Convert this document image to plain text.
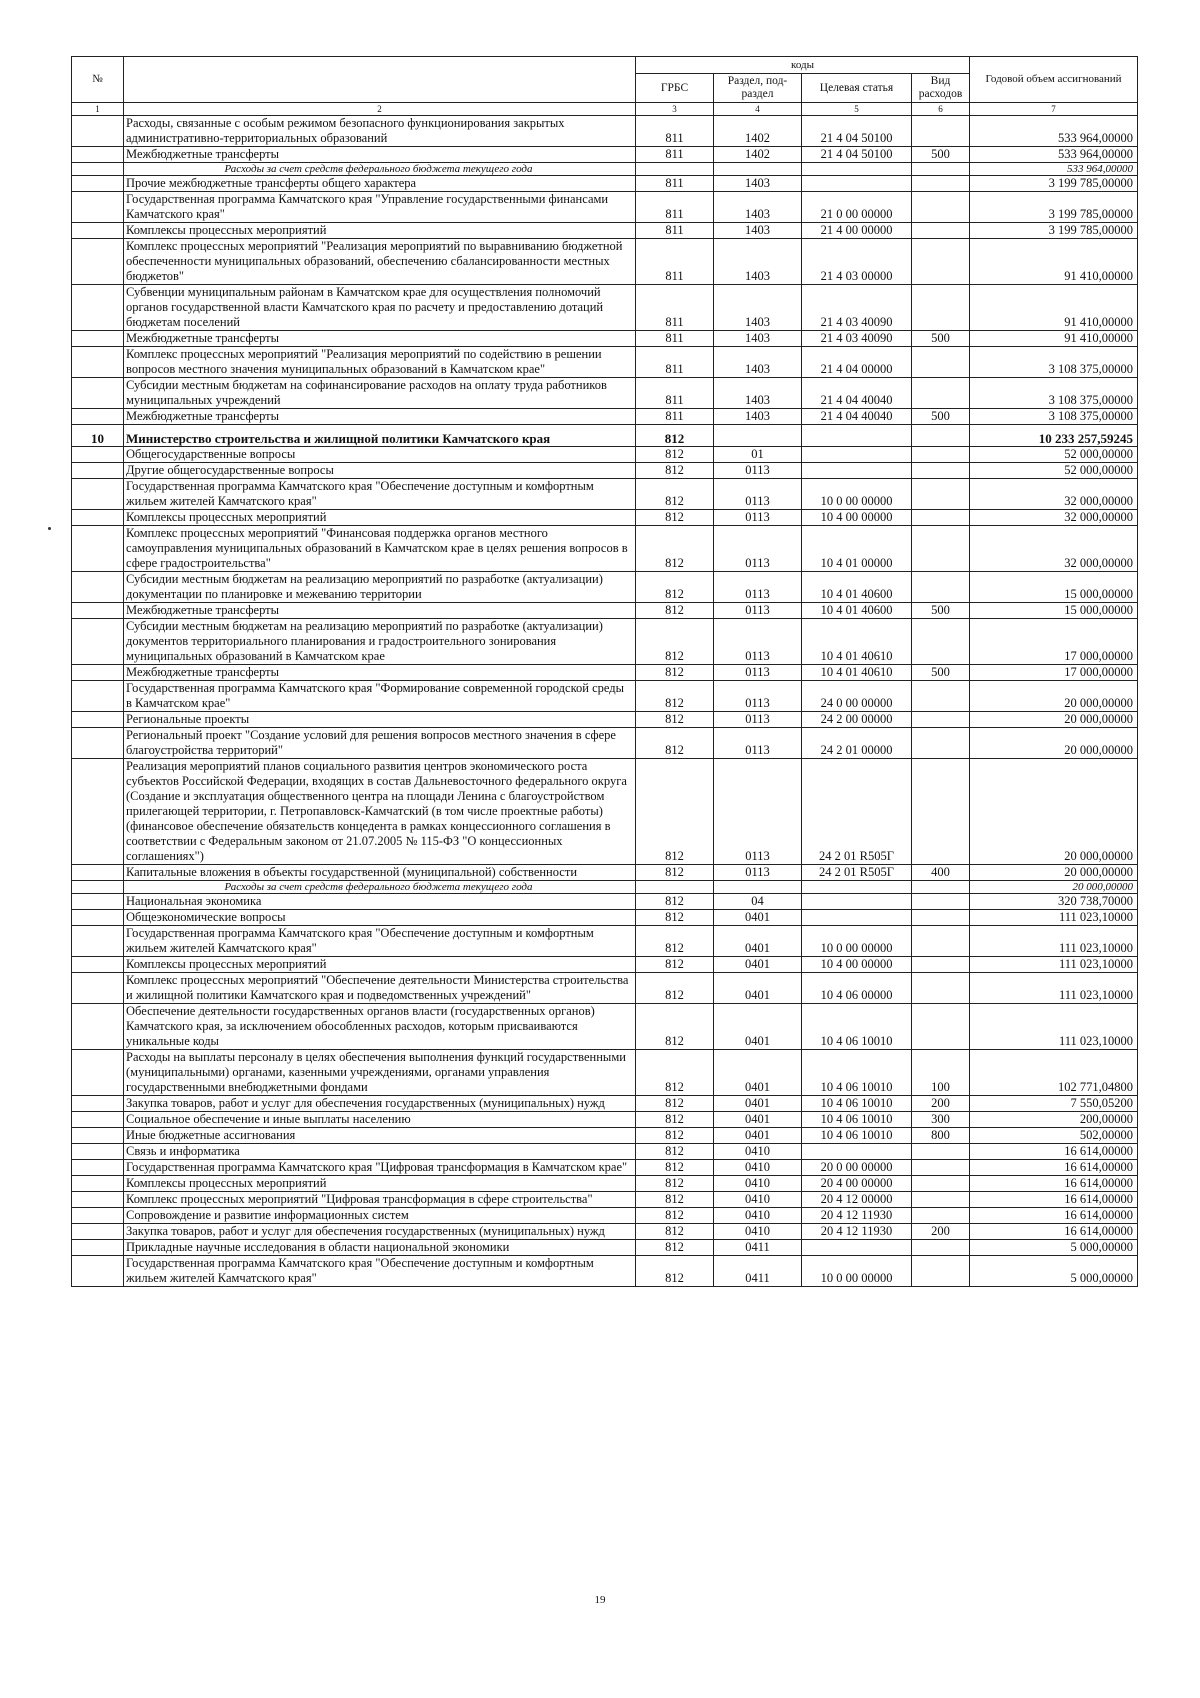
№		коды				Годовой объем ассигнований
		ГРБС	Раздел, под-раздел	Целевая статья	Вид расходов	
1	2	3	4	5	6	7
	Расходы, связанные с особым режимом безопасного функционирования закрытых административно-территориальных образований	811	1402	21 4 04 50100		533 964,00000
	Межбюджетные трансферты	811	1402	21 4 04 50100	500	533 964,00000
	Расходы за счет средств федерального бюджета текущего года					533 964,00000
	Прочие межбюджетные трансферты общего характера	811	1403			3 199 785,00000
	Государственная программа Камчатского края "Управление государственными финансами Камчатского края"	811	1403	21 0 00 00000		3 199 785,00000
	Комплексы процессных мероприятий	811	1403	21 4 00 00000		3 199 785,00000
	Комплекс процессных мероприятий "Реализация мероприятий по выравниванию бюджетной обеспеченности муниципальных образований, обеспечению сбалансированности местных бюджетов"	811	1403	21 4 03 00000		91 410,00000
	Субвенции муниципальным районам в Камчатском крае для осуществления полномочий органов государственной власти Камчатского края по расчету и предоставлению дотаций бюджетам поселений	811	1403	21 4 03 40090		91 410,00000
	Межбюджетные трансферты	811	1403	21 4 03 40090	500	91 410,00000
	Комплекс процессных мероприятий "Реализация мероприятий по содействию в решении вопросов местного значения муниципальных образований в Камчатском крае"	811	1403	21 4 04 00000		3 108 375,00000
	Субсидии местным бюджетам на софинансирование расходов на оплату труда работников муниципальных учреждений	811	1403	21 4 04 40040		3 108 375,00000
	Межбюджетные трансферты	811	1403	21 4 04 40040	500	3 108 375,00000
10	Министерство строительства и жилищной политики Камчатского края	812				10 233 257,59245
	Общегосударственные вопросы	812	01			52 000,00000
	Другие общегосударственные вопросы	812	0113			52 000,00000
	Государственная программа Камчатского края "Обеспечение доступным и комфортным жильем жителей Камчатского края"	812	0113	10 0 00 00000		32 000,00000
	Комплексы процессных мероприятий	812	0113	10 4 00 00000		32 000,00000
	Комплекс процессных мероприятий "Финансовая поддержка органов местного самоуправления муниципальных образований в Камчатском крае в целях решения вопросов в сфере градостроительства"	812	0113	10 4 01 00000		32 000,00000
	Субсидии местным бюджетам на реализацию мероприятий по разработке (актуализации) документации по планировке и межеванию территории	812	0113	10 4 01 40600		15 000,00000
	Межбюджетные трансферты	812	0113	10 4 01 40600	500	15 000,00000
	Субсидии местным бюджетам на реализацию мероприятий по разработке (актуализации) документов территориального планирования и градостроительного зонирования муниципальных образований в Камчатском крае	812	0113	10 4 01 40610		17 000,00000
	Межбюджетные трансферты	812	0113	10 4 01 40610	500	17 000,00000
	Государственная программа Камчатского края "Формирование современной городской среды в Камчатском крае"	812	0113	24 0 00 00000		20 000,00000
	Региональные проекты	812	0113	24 2 00 00000		20 000,00000
	Региональный проект "Создание условий для решения вопросов местного значения в сфере благоустройства территорий"	812	0113	24 2 01 00000		20 000,00000
	Реализация мероприятий планов социального развития центров экономического роста субъектов Российской Федерации, входящих в состав Дальневосточного федерального округа (Создание и эксплуатация общественного центра на площади Ленина с благоустройством прилегающей территории, г. Петропавловск-Камчатский (в том числе проектные работы) (финансовое обеспечение обязательств концедента в рамках концессионного соглашения в соответствии с Федеральным законом от 21.07.2005 № 115-ФЗ "О концессионных соглашениях")	812	0113	24 2 01 R505Г		20 000,00000
	Капитальные вложения в объекты государственной (муниципальной) собственности	812	0113	24 2 01 R505Г	400	20 000,00000
	Расходы за счет средств федерального бюджета текущего года					20 000,00000
	Национальная экономика	812	04			320 738,70000
	Общеэкономические вопросы	812	0401			111 023,10000
	Государственная программа Камчатского края "Обеспечение доступным и комфортным жильем жителей Камчатского края"	812	0401	10 0 00 00000		111 023,10000
	Комплексы процессных мероприятий	812	0401	10 4 00 00000		111 023,10000
	Комплекс процессных мероприятий "Обеспечение деятельности Министерства строительства и жилищной политики Камчатского края и подведомственных учреждений"	812	0401	10 4 06 00000		111 023,10000
	Обеспечение деятельности государственных органов власти (государственных органов) Камчатского края, за исключением обособленных расходов, которым присваиваются уникальные коды	812	0401	10 4 06 10010		111 023,10000
	Расходы на выплаты персоналу в целях обеспечения выполнения функций государственными (муниципальными) органами, казенными учреждениями, органами управления государственными внебюджетными фондами	812	0401	10 4 06 10010	100	102 771,04800
	Закупка товаров, работ и услуг для обеспечения государственных (муниципальных) нужд	812	0401	10 4 06 10010	200	7 550,05200
	Социальное обеспечение и иные выплаты населению	812	0401	10 4 06 10010	300	200,00000
	Иные бюджетные ассигнования	812	0401	10 4 06 10010	800	502,00000
	Связь и информатика	812	0410			16 614,00000
	Государственная программа Камчатского края "Цифровая трансформация в Камчатском крае"	812	0410	20 0 00 00000		16 614,00000
	Комплексы процессных мероприятий	812	0410	20 4 00 00000		16 614,00000
	Комплекс процессных мероприятий "Цифровая трансформация в сфере строительства"	812	0410	20 4 12 00000		16 614,00000
	Сопровождение и развитие информационных систем	812	0410	20 4 12 11930		16 614,00000
	Закупка товаров, работ и услуг для обеспечения государственных (муниципальных) нужд	812	0410	20 4 12 11930	200	16 614,00000
	Прикладные научные исследования в области национальной экономики	812	0411			5 000,00000
	Государственная программа Камчатского края "Обеспечение доступным и комфортным жильем жителей Камчатского края"	812	0411	10 0 00 00000		5 000,00000
19
